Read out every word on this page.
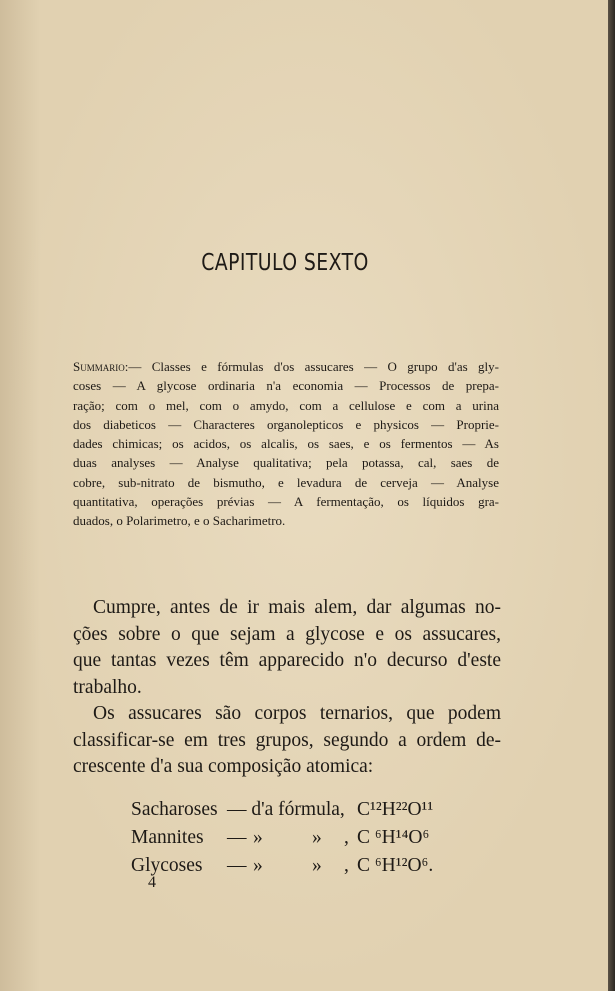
CAPITULO SEXTO
Summario:— Classes e fórmulas d'os assucares — O grupo d'as gly-
coses — A glycose ordinaria n'a economia — Processos de prepa-
ração; com o mel, com o amydo, com a cellulose e com a urina
dos diabeticos — Characteres organolepticos e physicos — Proprie-
dades chimicas; os acidos, os alcalis, os saes, e os fermentos — As
duas analyses — Analyse qualitativa; pela potassa, cal, saes de
cobre, sub-nitrato de bismutho, e levadura de cerveja — Analyse
quantitativa, operações prévias — A fermentação, os líquidos gra-
duados, o Polarimetro, e o Sacharimetro.
Cumpre, antes de ir mais alem, dar algumas no-
ções sobre o que sejam a glycose e os assucares,
que tantas vezes têm apparecido n'o decurso d'este
trabalho.
Os assucares são corpos ternarios, que podem
classificar-se em tres grupos, segundo a ordem de-
crescente d'a sua composição atomica:
Sacharoses — d'a fórmula, C¹²H²²O¹¹
Mannites — »	» , C ⁶H¹⁴O⁶
Glycoses — »	» , C ⁶H¹²O⁶.
4
